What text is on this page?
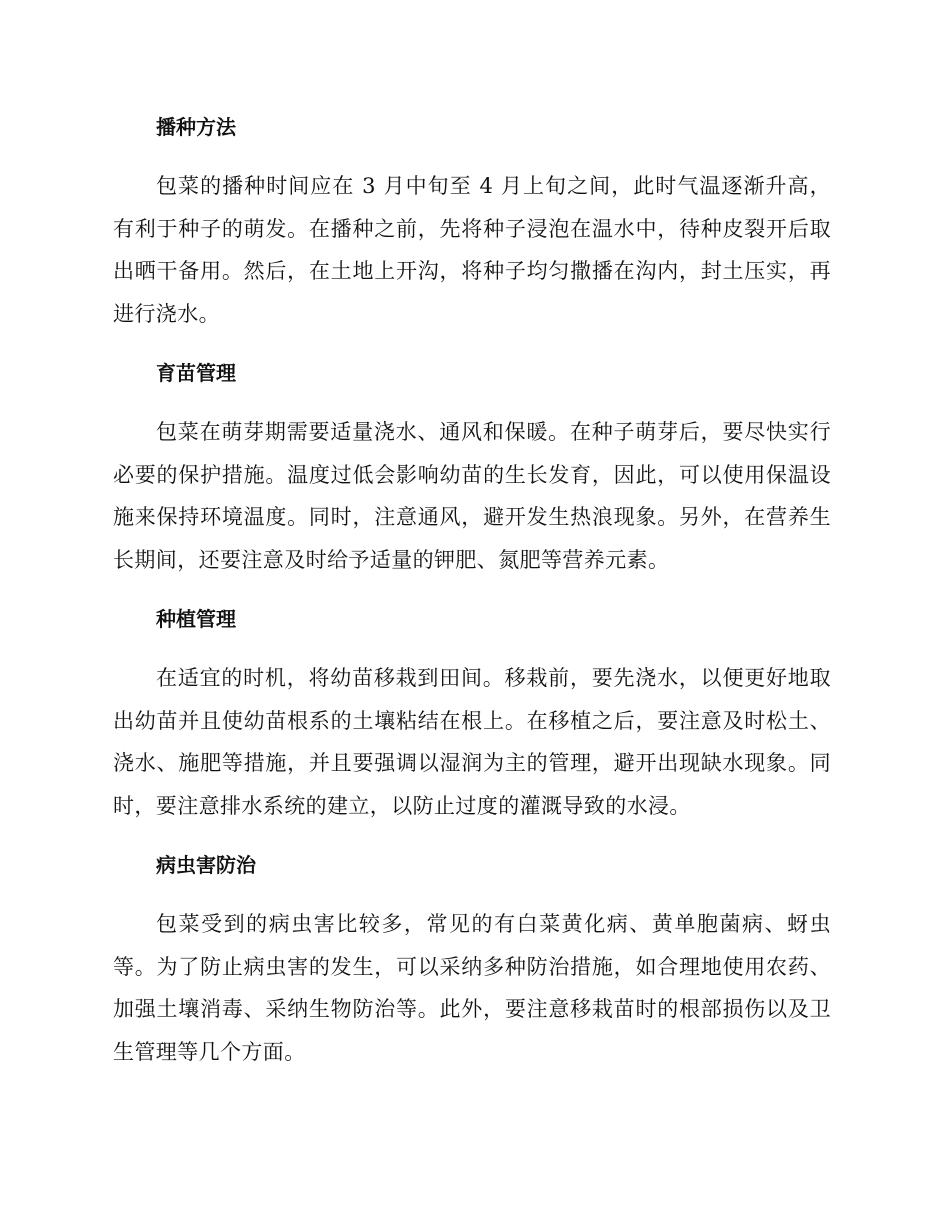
播种方法

包菜的播种时间应在 3 月中旬至 4 月上旬之间，此时气温逐渐升高，有利于种子的萌发。在播种之前，先将种子浸泡在温水中，待种皮裂开后取出晒干备用。然后，在土地上开沟，将种子均匀撒播在沟内，封土压实，再进行浇水。

育苗管理

包菜在萌芽期需要适量浇水、通风和保暖。在种子萌芽后，要尽快实行必要的保护措施。温度过低会影响幼苗的生长发育，因此，可以使用保温设施来保持环境温度。同时，注意通风，避开发生热浪现象。另外，在营养生长期间，还要注意及时给予适量的钾肥、氮肥等营养元素。

种植管理

在适宜的时机，将幼苗移栽到田间。移栽前，要先浇水，以便更好地取出幼苗并且使幼苗根系的土壤粘结在根上。在移植之后，要注意及时松土、浇水、施肥等措施，并且要强调以湿润为主的管理，避开出现缺水现象。同时，要注意排水系统的建立，以防止过度的灌溉导致的水浸。

病虫害防治

包菜受到的病虫害比较多，常见的有白菜黄化病、黄单胞菌病、蚜虫等。为了防止病虫害的发生，可以采纳多种防治措施，如合理地使用农药、加强土壤消毒、采纳生物防治等。此外，要注意移栽苗时的根部损伤以及卫生管理等几个方面。
